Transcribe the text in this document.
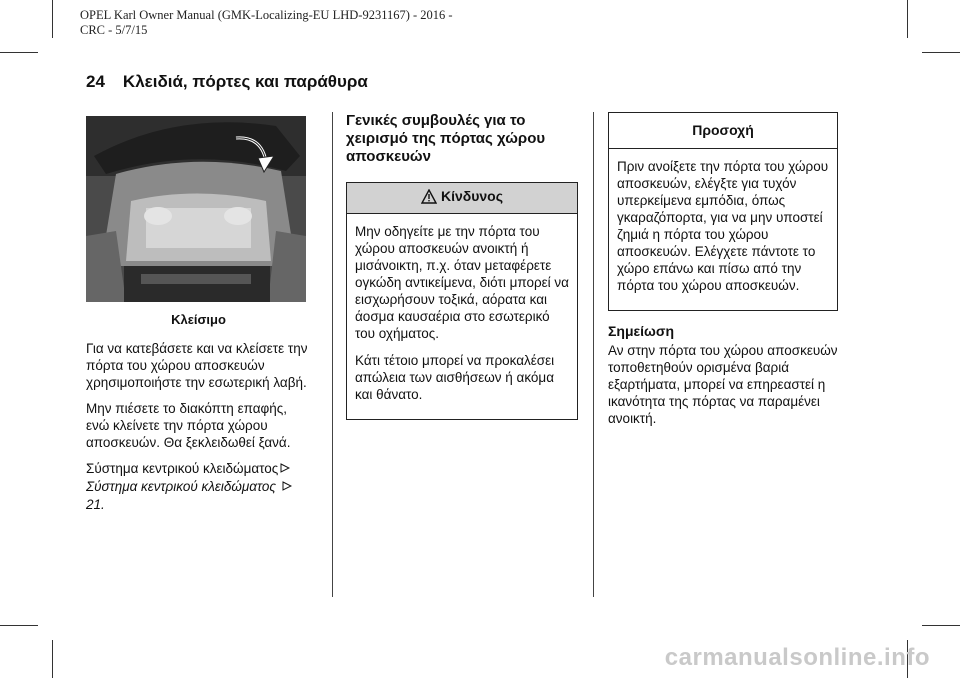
OPEL Karl Owner Manual (GMK-Localizing-EU LHD-9231167) - 2016 -
CRC - 5/7/15
24 Κλειδιά, πόρτες και παράθυρα
Κλείσιμο

Για να κατεβάσετε και να κλείσετε την πόρτα του χώρου αποσκευών χρησιμοποιήστε την εσωτερική λαβή.

Μην πιέσετε το διακόπτη επαφής, ενώ κλείνετε την πόρτα χώρου αποσκευών. Θα ξεκλειδωθεί ξανά.

Σύστημα κεντρικού κλειδώματος

Σύστημα κεντρικού κλειδώματος  21.

Γενικές συμβουλές για το χειρισμό της πόρτας χώρου αποσκευών
Κίνδυνος

Μην οδηγείτε με την πόρτα του χώρου αποσκευών ανοικτή ή μισάνοικτη, π.χ. όταν μεταφέρετε ογκώδη αντικείμενα, διότι μπορεί να εισχωρήσουν τοξικά, αόρατα και άοσμα καυσαέρια στο εσωτερικό του οχήματος.

Κάτι τέτοιο μπορεί να προκαλέσει απώλεια των αισθήσεων ή ακόμα και θάνατο.

Προσοχή

Πριν ανοίξετε την πόρτα του χώρου αποσκευών, ελέγξτε για τυχόν υπερκείμενα εμπόδια, όπως γκαραζόπορτα, για να μην υποστεί ζημιά η πόρτα του χώρου αποσκευών. Ελέγχετε πάντοτε το χώρο επάνω και πίσω από την πόρτα του χώρου αποσκευών.

Σημείωση

Αν στην πόρτα του χώρου αποσκευών τοποθετηθούν ορισμένα βαριά εξαρτήματα, μπορεί να επηρεαστεί η ικανότητα της πόρτας να παραμένει ανοικτή.

carmanualsonline.info
